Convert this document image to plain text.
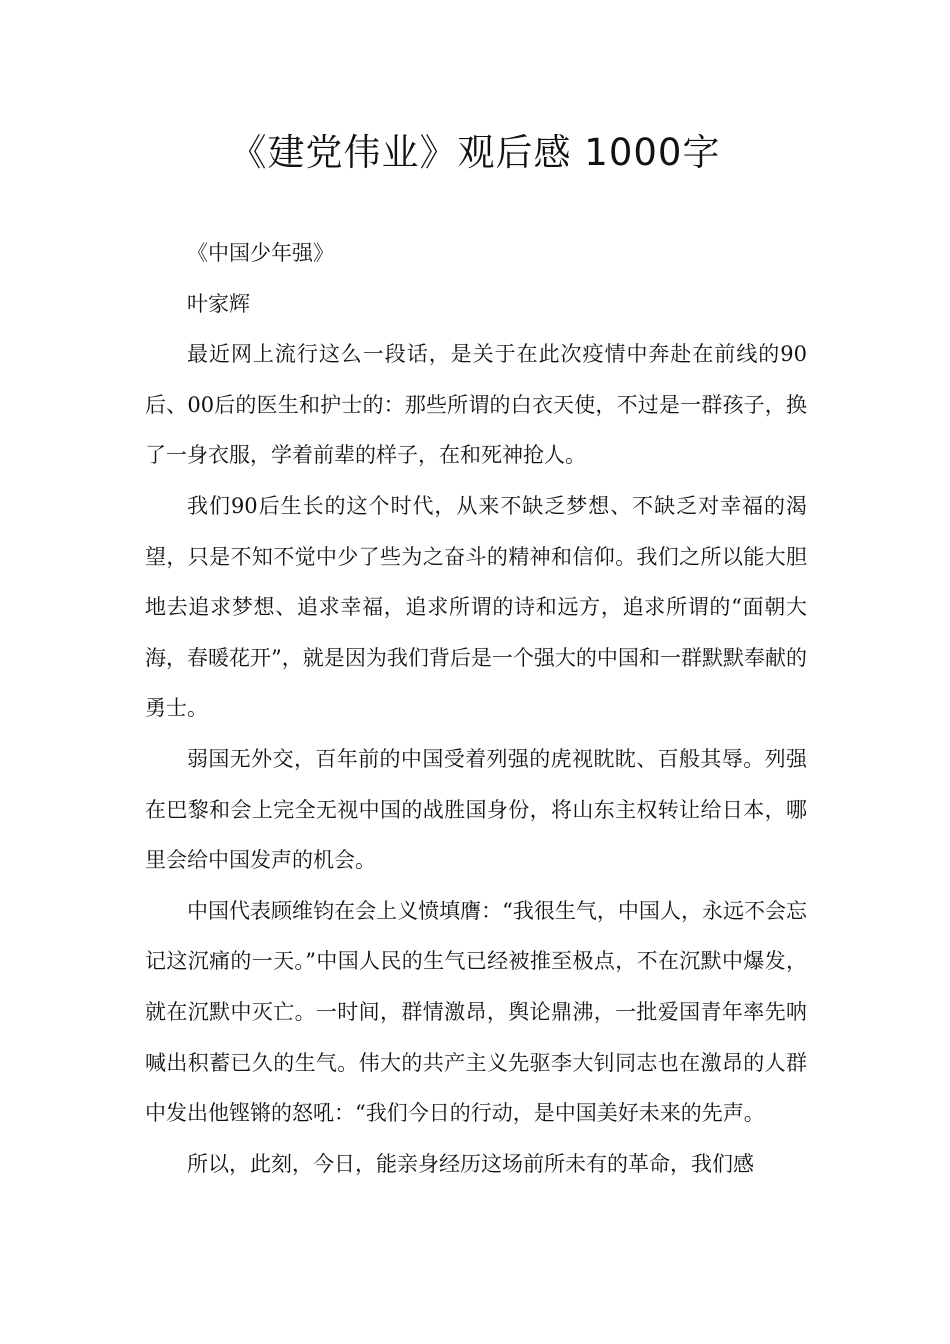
《建党伟业》观后感 1000字

《中国少年强》

叶家辉

最近网上流行这么一段话，是关于在此次疫情中奔赴在前线的90后、00后的医生和护士的：那些所谓的白衣天使，不过是一群孩子，换了一身衣服，学着前辈的样子，在和死神抢人。

我们90后生长的这个时代，从来不缺乏梦想、不缺乏对幸福的渴望，只是不知不觉中少了些为之奋斗的精神和信仰。我们之所以能大胆地去追求梦想、追求幸福，追求所谓的诗和远方，追求所谓的“面朝大海，春暖花开”，就是因为我们背后是一个强大的中国和一群默默奉献的勇士。

弱国无外交，百年前的中国受着列强的虎视眈眈、百般其辱。列强在巴黎和会上完全无视中国的战胜国身份，将山东主权转让给日本，哪里会给中国发声的机会。

中国代表顾维钧在会上义愤填膺：“我很生气，中国人，永远不会忘记这沉痛的一天。”中国人民的生气已经被推至极点，不在沉默中爆发，就在沉默中灭亡。一时间，群情激昂，舆论鼎沸，一批爱国青年率先呐喊出积蓄已久的生气。伟大的共产主义先驱李大钊同志也在激昂的人群中发出他铿锵的怒吼：“我们今日的行动，是中国美好未来的先声。

所以，此刻，今日，能亲身经历这场前所未有的革命，我们感
